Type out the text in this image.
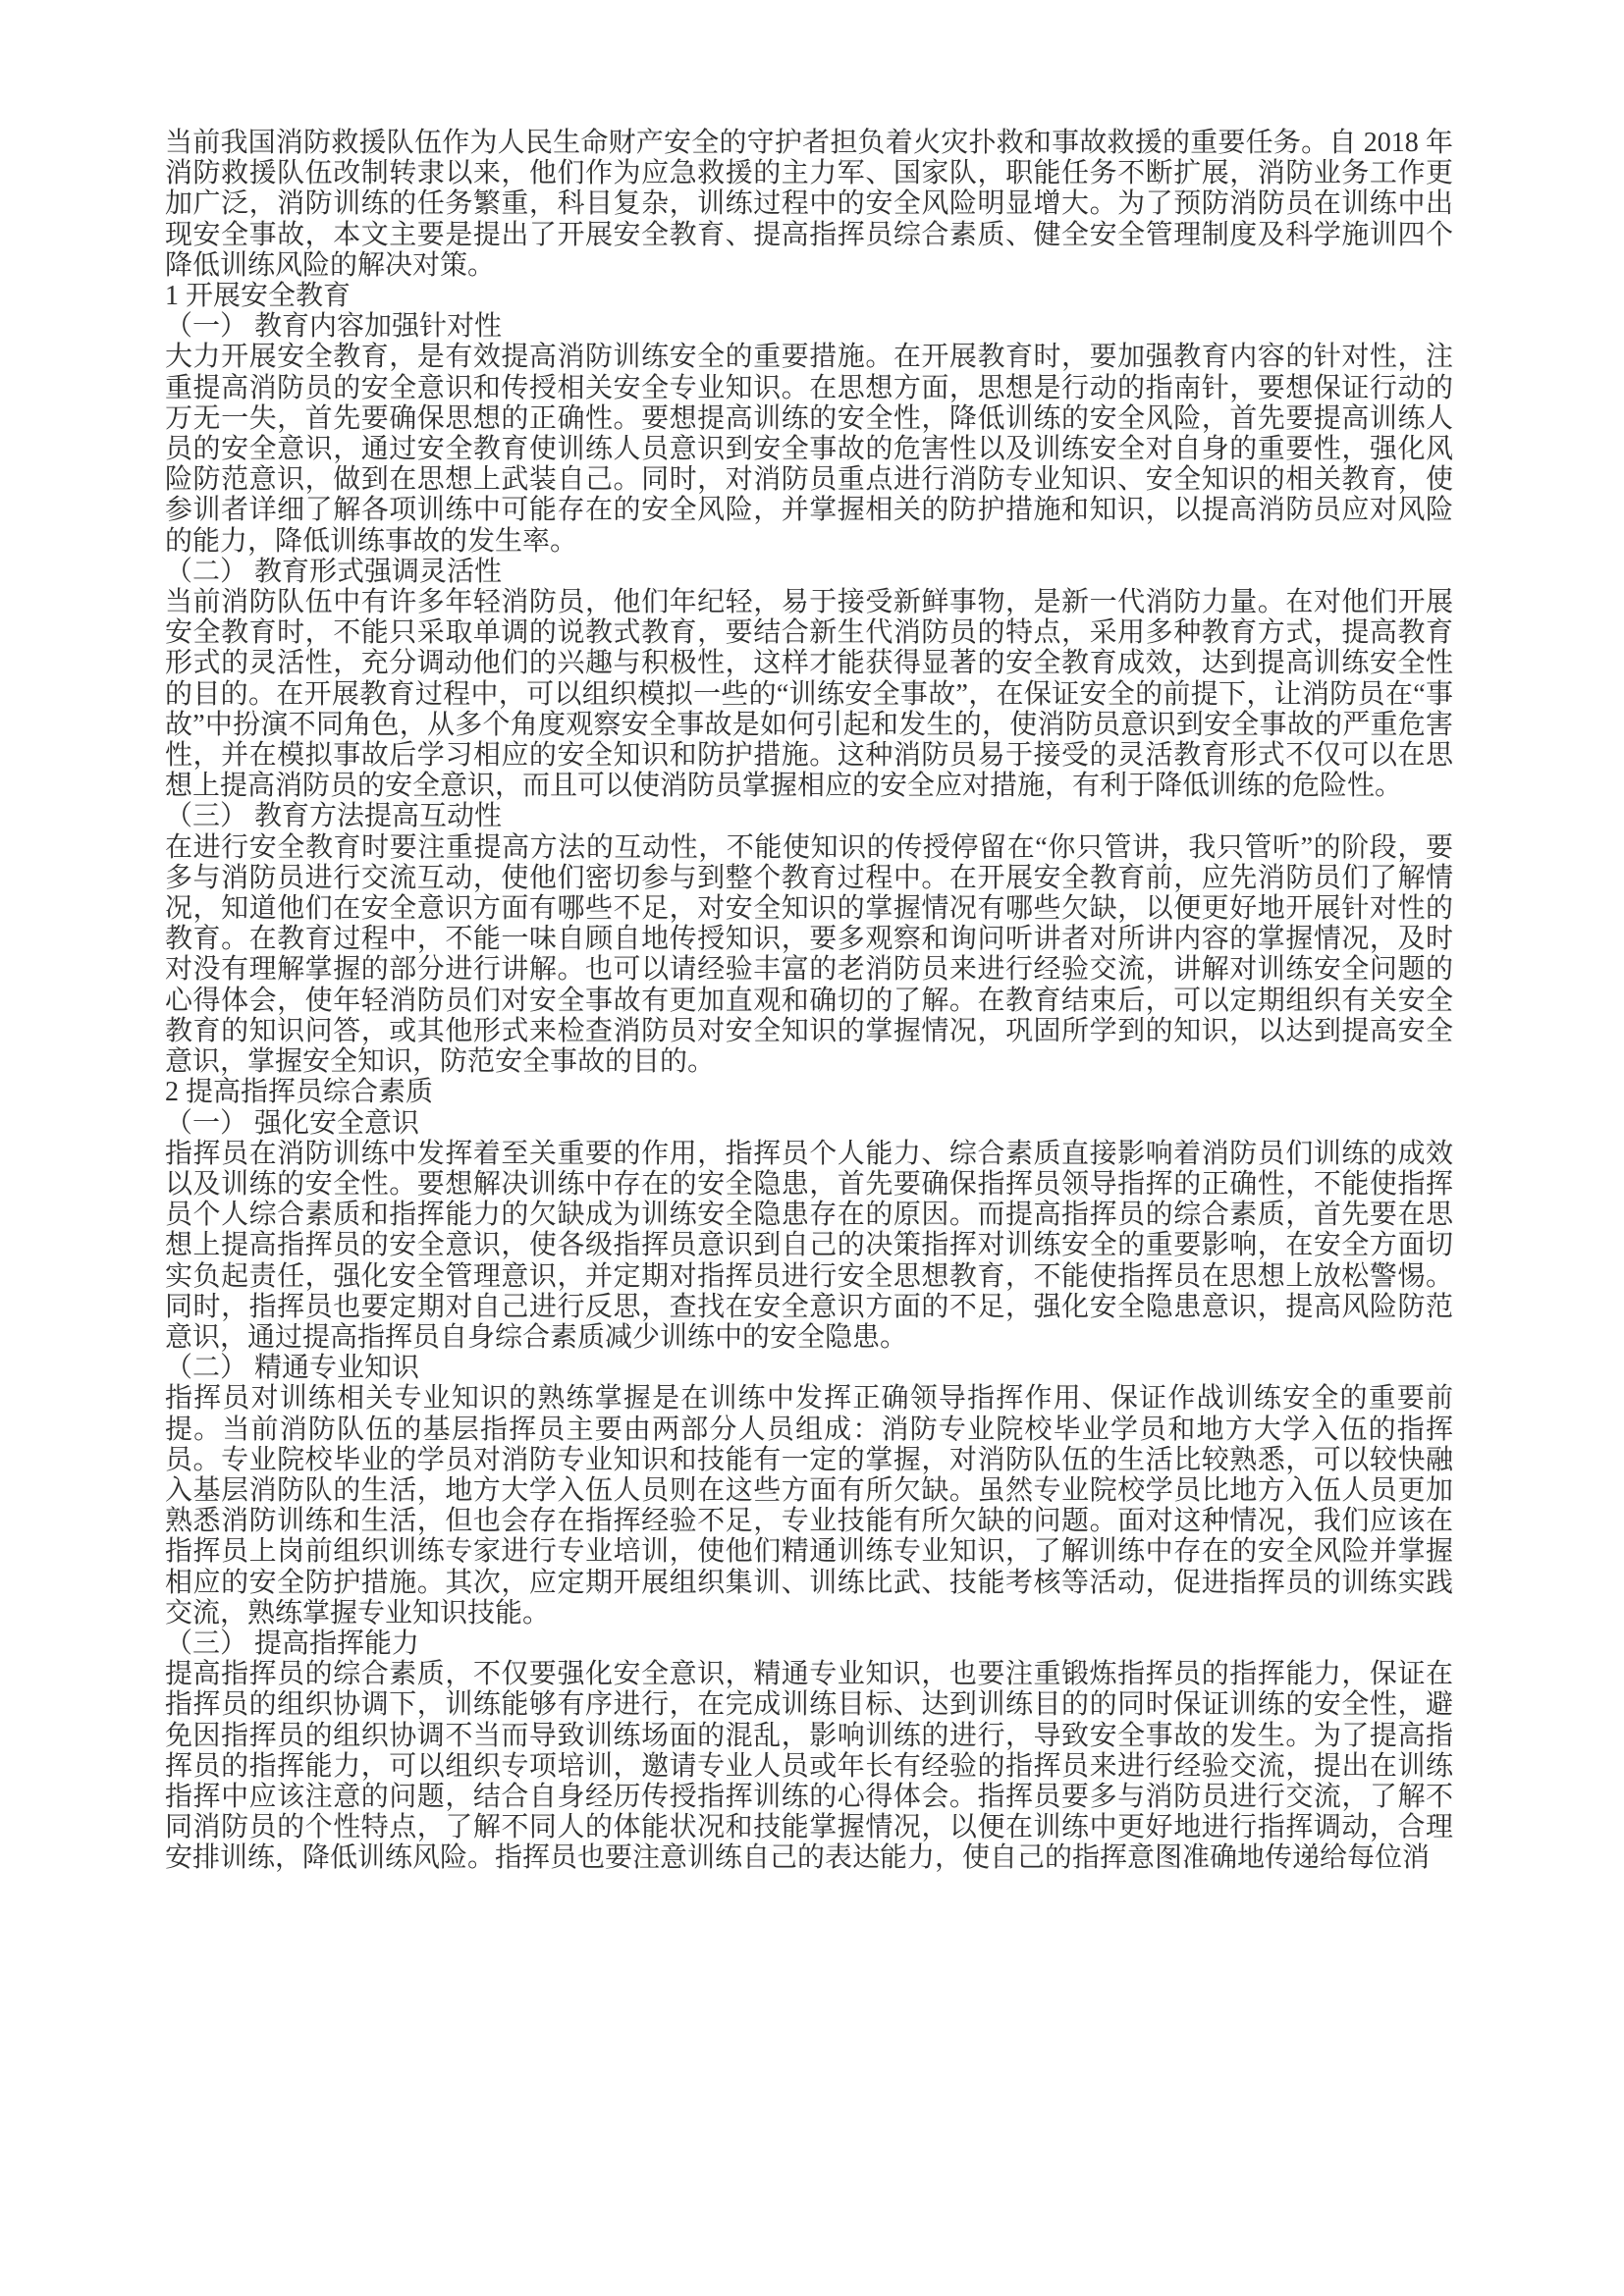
当前我国消防救援队伍作为人民生命财产安全的守护者担负着火灾扑救和事故救援的重要任务。自 2018 年消防救援队伍改制转隶以来，他们作为应急救援的主力军、国家队，职能任务不断扩展，消防业务工作更加广泛，消防训练的任务繁重，科目复杂，训练过程中的安全风险明显增大。为了预防消防员在训练中出现安全事故，本文主要是提出了开展安全教育、提高指挥员综合素质、健全安全管理制度及科学施训四个降低训练风险的解决对策。

1 开展安全教育

（一） 教育内容加强针对性

大力开展安全教育，是有效提高消防训练安全的重要措施。在开展教育时，要加强教育内容的针对性，注重提高消防员的安全意识和传授相关安全专业知识。在思想方面，思想是行动的指南针，要想保证行动的万无一失，首先要确保思想的正确性。要想提高训练的安全性，降低训练的安全风险，首先要提高训练人员的安全意识，通过安全教育使训练人员意识到安全事故的危害性以及训练安全对自身的重要性，强化风险防范意识，做到在思想上武装自己。同时，对消防员重点进行消防专业知识、安全知识的相关教育，使参训者详细了解各项训练中可能存在的安全风险，并掌握相关的防护措施和知识，以提高消防员应对风险的能力，降低训练事故的发生率。

（二） 教育形式强调灵活性

当前消防队伍中有许多年轻消防员，他们年纪轻，易于接受新鲜事物，是新一代消防力量。在对他们开展安全教育时，不能只采取单调的说教式教育，要结合新生代消防员的特点，采用多种教育方式，提高教育形式的灵活性，充分调动他们的兴趣与积极性，这样才能获得显著的安全教育成效，达到提高训练安全性的目的。在开展教育过程中，可以组织模拟一些的“训练安全事故”，在保证安全的前提下，让消防员在“事故”中扮演不同角色，从多个角度观察安全事故是如何引起和发生的，使消防员意识到安全事故的严重危害性，并在模拟事故后学习相应的安全知识和防护措施。这种消防员易于接受的灵活教育形式不仅可以在思想上提高消防员的安全意识，而且可以使消防员掌握相应的安全应对措施，有利于降低训练的危险性。

（三） 教育方法提高互动性

在进行安全教育时要注重提高方法的互动性，不能使知识的传授停留在“你只管讲，我只管听”的阶段，要多与消防员进行交流互动，使他们密切参与到整个教育过程中。在开展安全教育前，应先消防员们了解情况，知道他们在安全意识方面有哪些不足，对安全知识的掌握情况有哪些欠缺，以便更好地开展针对性的教育。在教育过程中，不能一味自顾自地传授知识，要多观察和询问听讲者对所讲内容的掌握情况，及时对没有理解掌握的部分进行讲解。也可以请经验丰富的老消防员来进行经验交流，讲解对训练安全问题的心得体会，使年轻消防员们对安全事故有更加直观和确切的了解。在教育结束后，可以定期组织有关安全教育的知识问答，或其他形式来检查消防员对安全知识的掌握情况，巩固所学到的知识，以达到提高安全意识，掌握安全知识，防范安全事故的目的。

2 提高指挥员综合素质

（一） 强化安全意识

指挥员在消防训练中发挥着至关重要的作用，指挥员个人能力、综合素质直接影响着消防员们训练的成效以及训练的安全性。要想解决训练中存在的安全隐患，首先要确保指挥员领导指挥的正确性，不能使指挥员个人综合素质和指挥能力的欠缺成为训练安全隐患存在的原因。而提高指挥员的综合素质，首先要在思想上提高指挥员的安全意识，使各级指挥员意识到自己的决策指挥对训练安全的重要影响，在安全方面切实负起责任，强化安全管理意识，并定期对指挥员进行安全思想教育，不能使指挥员在思想上放松警惕。同时，指挥员也要定期对自己进行反思，查找在安全意识方面的不足，强化安全隐患意识，提高风险防范意识，通过提高指挥员自身综合素质减少训练中的安全隐患。

（二） 精通专业知识

指挥员对训练相关专业知识的熟练掌握是在训练中发挥正确领导指挥作用、保证作战训练安全的重要前提。当前消防队伍的基层指挥员主要由两部分人员组成：消防专业院校毕业学员和地方大学入伍的指挥员。专业院校毕业的学员对消防专业知识和技能有一定的掌握，对消防队伍的生活比较熟悉，可以较快融入基层消防队的生活，地方大学入伍人员则在这些方面有所欠缺。虽然专业院校学员比地方入伍人员更加熟悉消防训练和生活，但也会存在指挥经验不足，专业技能有所欠缺的问题。面对这种情况，我们应该在指挥员上岗前组织训练专家进行专业培训，使他们精通训练专业知识，了解训练中存在的安全风险并掌握相应的安全防护措施。其次，应定期开展组织集训、训练比武、技能考核等活动，促进指挥员的训练实践交流，熟练掌握专业知识技能。

（三） 提高指挥能力

提高指挥员的综合素质，不仅要强化安全意识，精通专业知识，也要注重锻炼指挥员的指挥能力，保证在指挥员的组织协调下，训练能够有序进行，在完成训练目标、达到训练目的的同时保证训练的安全性，避免因指挥员的组织协调不当而导致训练场面的混乱，影响训练的进行，导致安全事故的发生。为了提高指挥员的指挥能力，可以组织专项培训，邀请专业人员或年长有经验的指挥员来进行经验交流，提出在训练指挥中应该注意的问题，结合自身经历传授指挥训练的心得体会。指挥员要多与消防员进行交流，了解不同消防员的个性特点，了解不同人的体能状况和技能掌握情况，以便在训练中更好地进行指挥调动，合理安排训练，降低训练风险。指挥员也要注意训练自己的表达能力，使自己的指挥意图准确地传递给每位消
